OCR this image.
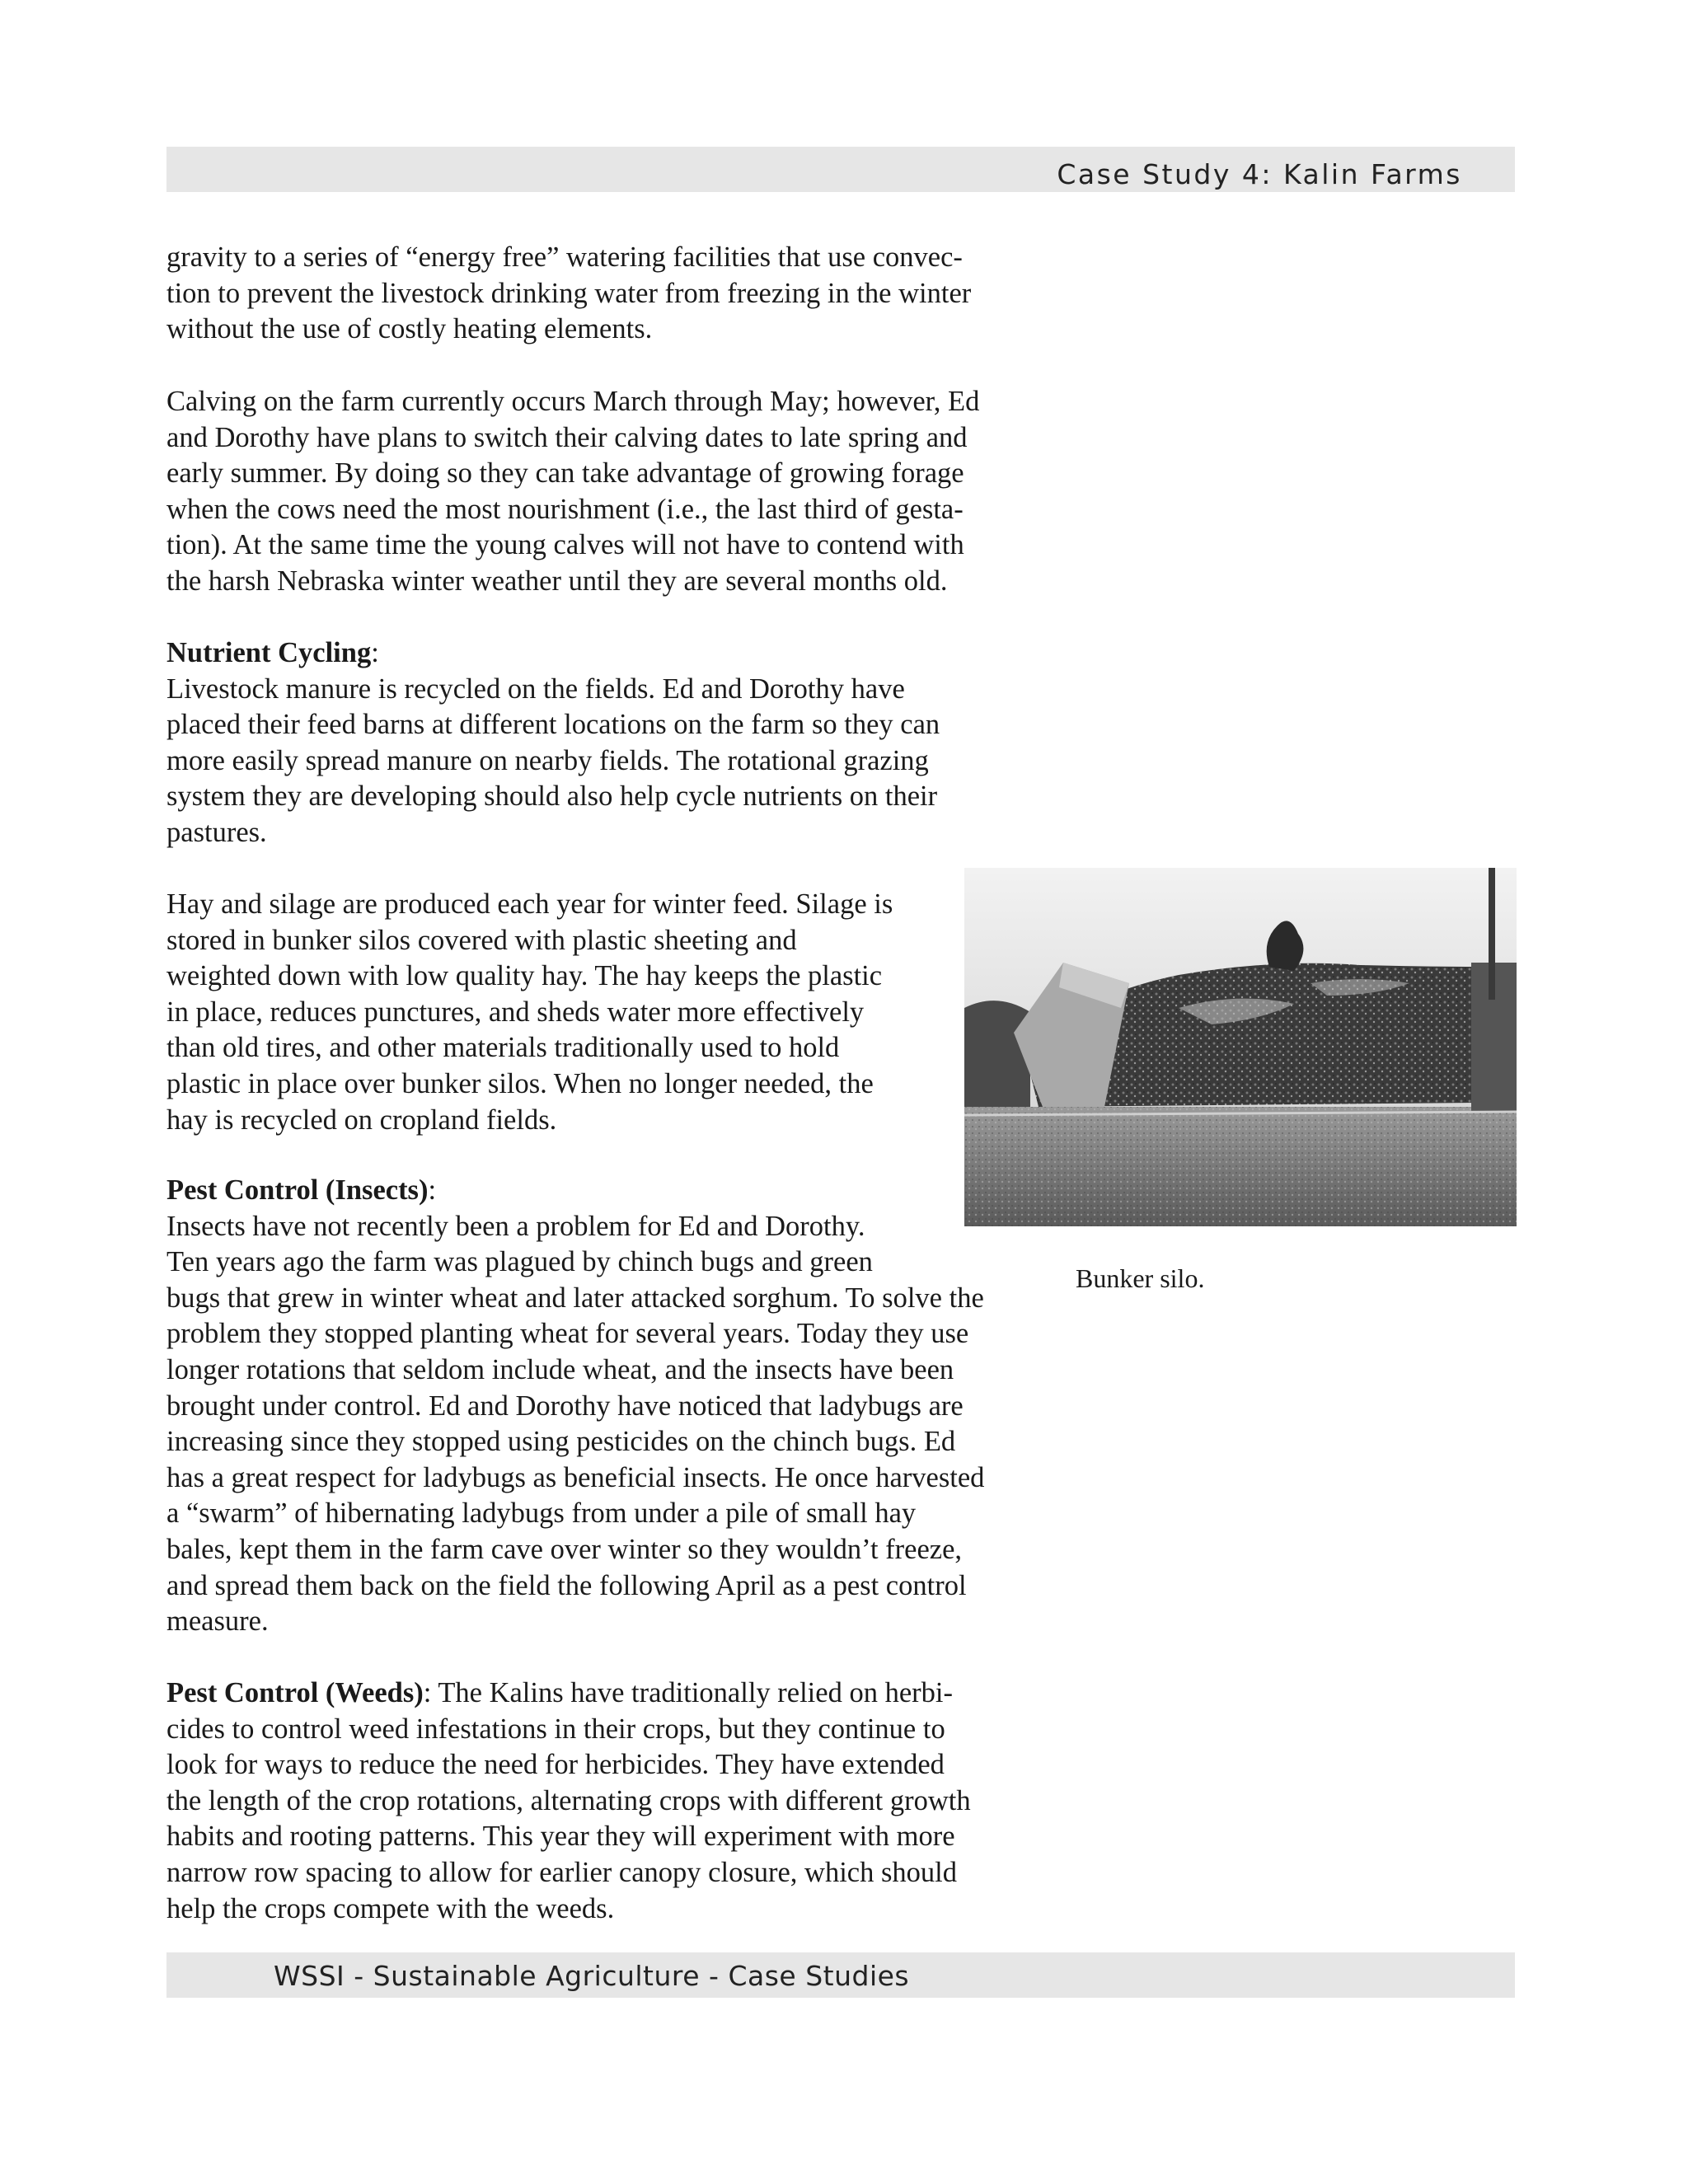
Case Study 4: Kalin Farms

gravity to a series of “energy free” watering facilities that use convec-
tion to prevent the livestock drinking water from freezing in the winter
without the use of costly heating elements.

Calving on the farm currently occurs March through May; however, Ed
and Dorothy have plans to switch their calving dates to late spring and
early summer. By doing so they can take advantage of growing forage
when the cows need the most nourishment (i.e., the last third of gesta-
tion). At the same time the young calves will not have to contend with
the harsh Nebraska winter weather until they are several months old.

Nutrient Cycling:
Livestock manure is recycled on the fields. Ed and Dorothy have
placed their feed barns at different locations on the farm so they can
more easily spread manure on nearby fields. The rotational grazing
system they are developing should also help cycle nutrients on their
pastures.

Hay and silage are produced each year for winter feed. Silage is
stored in bunker silos covered with plastic sheeting and
weighted down with low quality hay. The hay keeps the plastic
in place, reduces punctures, and sheds water more effectively
than old tires, and other materials traditionally used to hold
plastic in place over bunker silos. When no longer needed, the
hay is recycled on cropland fields.

Pest Control (Insects):
Insects have not recently been a problem for Ed and Dorothy.
Ten years ago the farm was plagued by chinch bugs and green
bugs that grew in winter wheat and later attacked sorghum. To solve the
problem they stopped planting wheat for several years. Today they use
longer rotations that seldom include wheat, and the insects have been
brought under control. Ed and Dorothy have noticed that ladybugs are
increasing since they stopped using pesticides on the chinch bugs. Ed
has a great respect for ladybugs as beneficial insects. He once harvested
a “swarm” of hibernating ladybugs from under a pile of small hay
bales, kept them in the farm cave over winter so they wouldn’t freeze,
and spread them back on the field the following April as a pest control
measure.

Pest Control (Weeds): The Kalins have traditionally relied on herbi-
cides to control weed infestations in their crops, but they continue to
look for ways to reduce the need for herbicides. They have extended
the length of the crop rotations, alternating crops with different growth
habits and rooting patterns. This year they will experiment with more
narrow row spacing to allow for earlier canopy closure, which should
help the crops compete with the weeds.

Bunker silo.
WSSI - Sustainable Agriculture - Case Studies
